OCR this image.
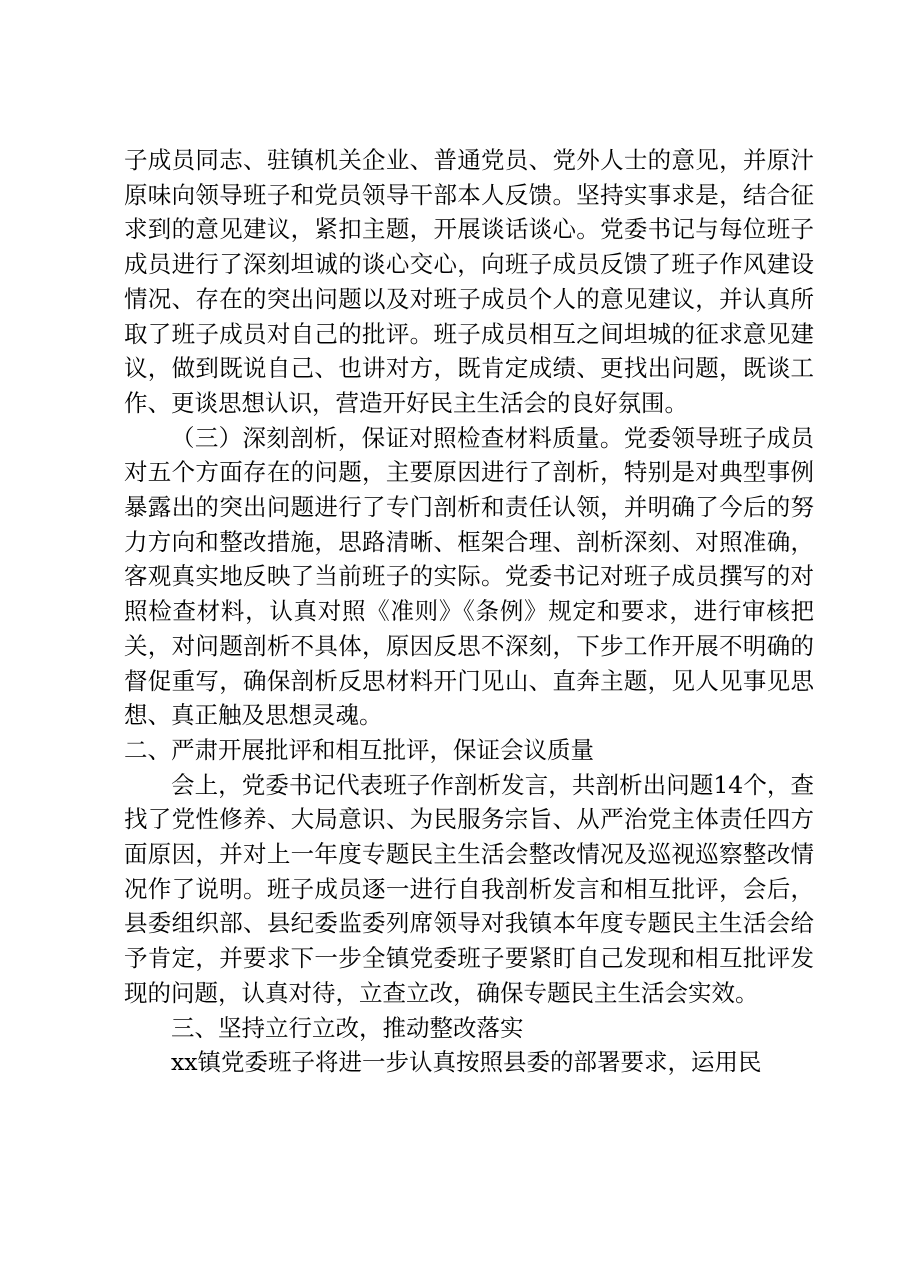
子成员同志、驻镇机关企业、普通党员、党外人士的意见，并原汁原味向领导班子和党员领导干部本人反馈。坚持实事求是，结合征求到的意见建议，紧扣主题，开展谈话谈心。党委书记与每位班子成员进行了深刻坦诚的谈心交心，向班子成员反馈了班子作风建设情况、存在的突出问题以及对班子成员个人的意见建议，并认真所取了班子成员对自己的批评。班子成员相互之间坦城的征求意见建议，做到既说自己、也讲对方，既肯定成绩、更找出问题，既谈工作、更谈思想认识，营造开好民主生活会的良好氛围。

（三）深刻剖析，保证对照检查材料质量。党委领导班子成员对五个方面存在的问题，主要原因进行了剖析，特别是对典型事例暴露出的突出问题进行了专门剖析和责任认领，并明确了今后的努力方向和整改措施，思路清晰、框架合理、剖析深刻、对照准确，客观真实地反映了当前班子的实际。党委书记对班子成员撰写的对照检查材料，认真对照《准则》《条例》规定和要求，进行审核把关，对问题剖析不具体，原因反思不深刻，下步工作开展不明确的督促重写，确保剖析反思材料开门见山、直奔主题，见人见事见思想、真正触及思想灵魂。

二、严肃开展批评和相互批评，保证会议质量

会上，党委书记代表班子作剖析发言，共剖析出问题14个，查找了党性修养、大局意识、为民服务宗旨、从严治党主体责任四方面原因，并对上一年度专题民主生活会整改情况及巡视巡察整改情况作了说明。班子成员逐一进行自我剖析发言和相互批评，会后，县委组织部、县纪委监委列席领导对我镇本年度专题民主生活会给予肯定，并要求下一步全镇党委班子要紧盯自己发现和相互批评发现的问题，认真对待，立查立改，确保专题民主生活会实效。

三、坚持立行立改，推动整改落实

xx镇党委班子将进一步认真按照县委的部署要求，运用民
